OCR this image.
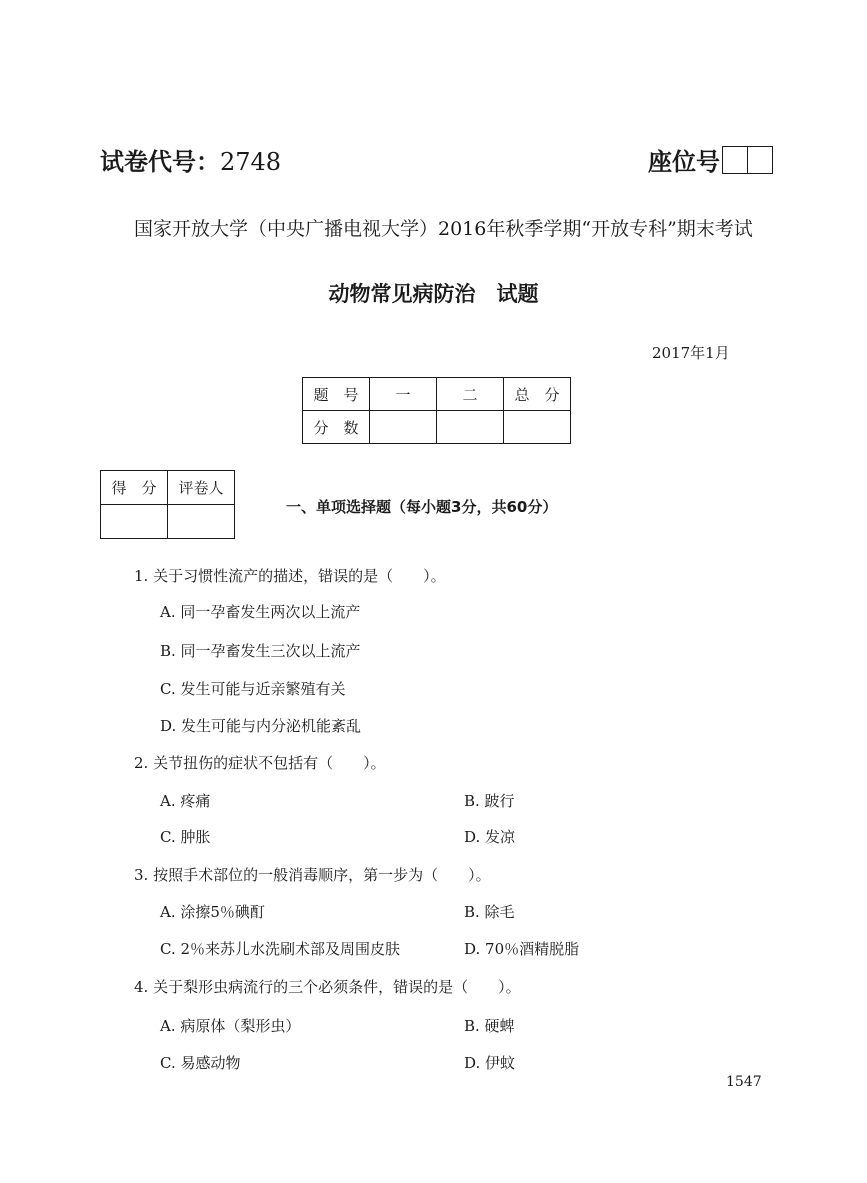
试卷代号：2748	座位号
国家开放大学（中央广播电视大学）2016年秋季学期“开放专科”期末考试
动物常见病防治　试题
2017年1月
题　号	一	二	总　分
分　数			
得　分	评卷人

一、单项选择题（每小题3分，共60分）
1. 关于习惯性流产的描述，错误的是（　　）。
A. 同一孕畜发生两次以上流产
B. 同一孕畜发生三次以上流产
C. 发生可能与近亲繁殖有关
D. 发生可能与内分泌机能紊乱
2. 关节扭伤的症状不包括有（　　）。
A. 疼痛	B. 跛行
C. 肿胀	D. 发凉
3. 按照手术部位的一般消毒顺序，第一步为（　　）。
A. 涂擦5％碘酊	B. 除毛
C. 2％来苏儿水洗刷术部及周围皮肤	D. 70％酒精脱脂
4. 关于梨形虫病流行的三个必须条件，错误的是（　　）。
A. 病原体（梨形虫）	B. 硬蜱
C. 易感动物	D. 伊蚊
1547
